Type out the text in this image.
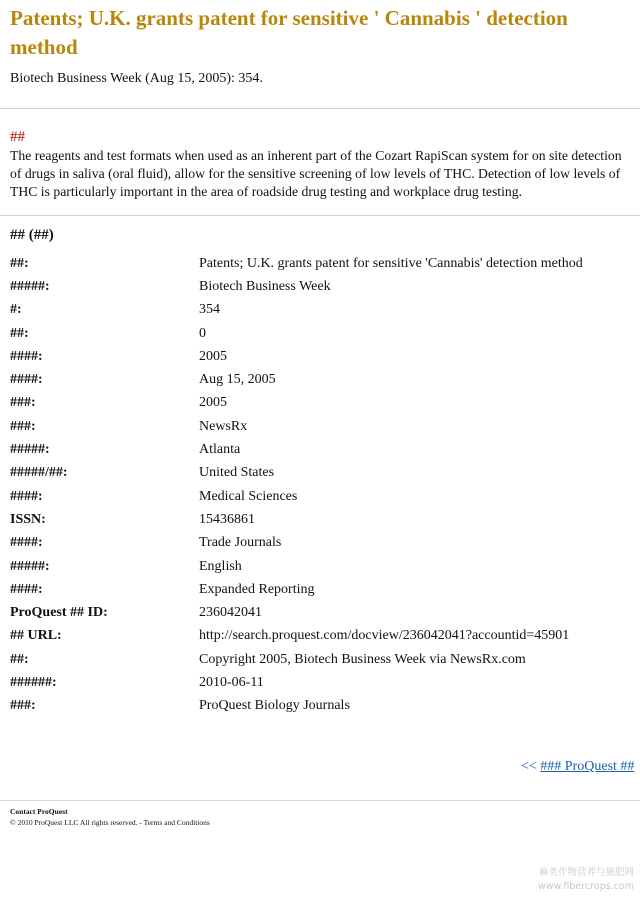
Patents; U.K. grants patent for sensitive ' Cannabis ' detection method
Biotech Business Week (Aug 15, 2005): 354.
##

The reagents and test formats when used as an inherent part of the Cozart RapiScan system for on site detection of drugs in saliva (oral fluid), allow for the sensitive screening of low levels of THC. Detection of low levels of THC is particularly important in the area of roadside drug testing and workplace drug testing.

## (##)
##:	Patents; U.K. grants patent for sensitive 'Cannabis' detection method
#####:	Biotech Business Week
#:	354
##:	0
####:	2005
####:	Aug 15, 2005
###:	2005
###:	NewsRx
#####:	Atlanta
#####/##:	United States
####:	Medical Sciences
ISSN:	15436861
####:	Trade Journals
#####:	English
####:	Expanded Reporting
ProQuest ## ID:	236042041
## URL:	http://search.proquest.com/docview/236042041?accountid=45901
##:	Copyright 2005, Biotech Business Week via NewsRx.com
######:	2010-06-11
###:	ProQuest Biology Journals
<< ### ProQuest ##
Contact ProQuest
© 2010 ProQuest LLC All rights reserved. - Terms and Conditions
麻类作物营养与施肥网
www.fibercrops.com
